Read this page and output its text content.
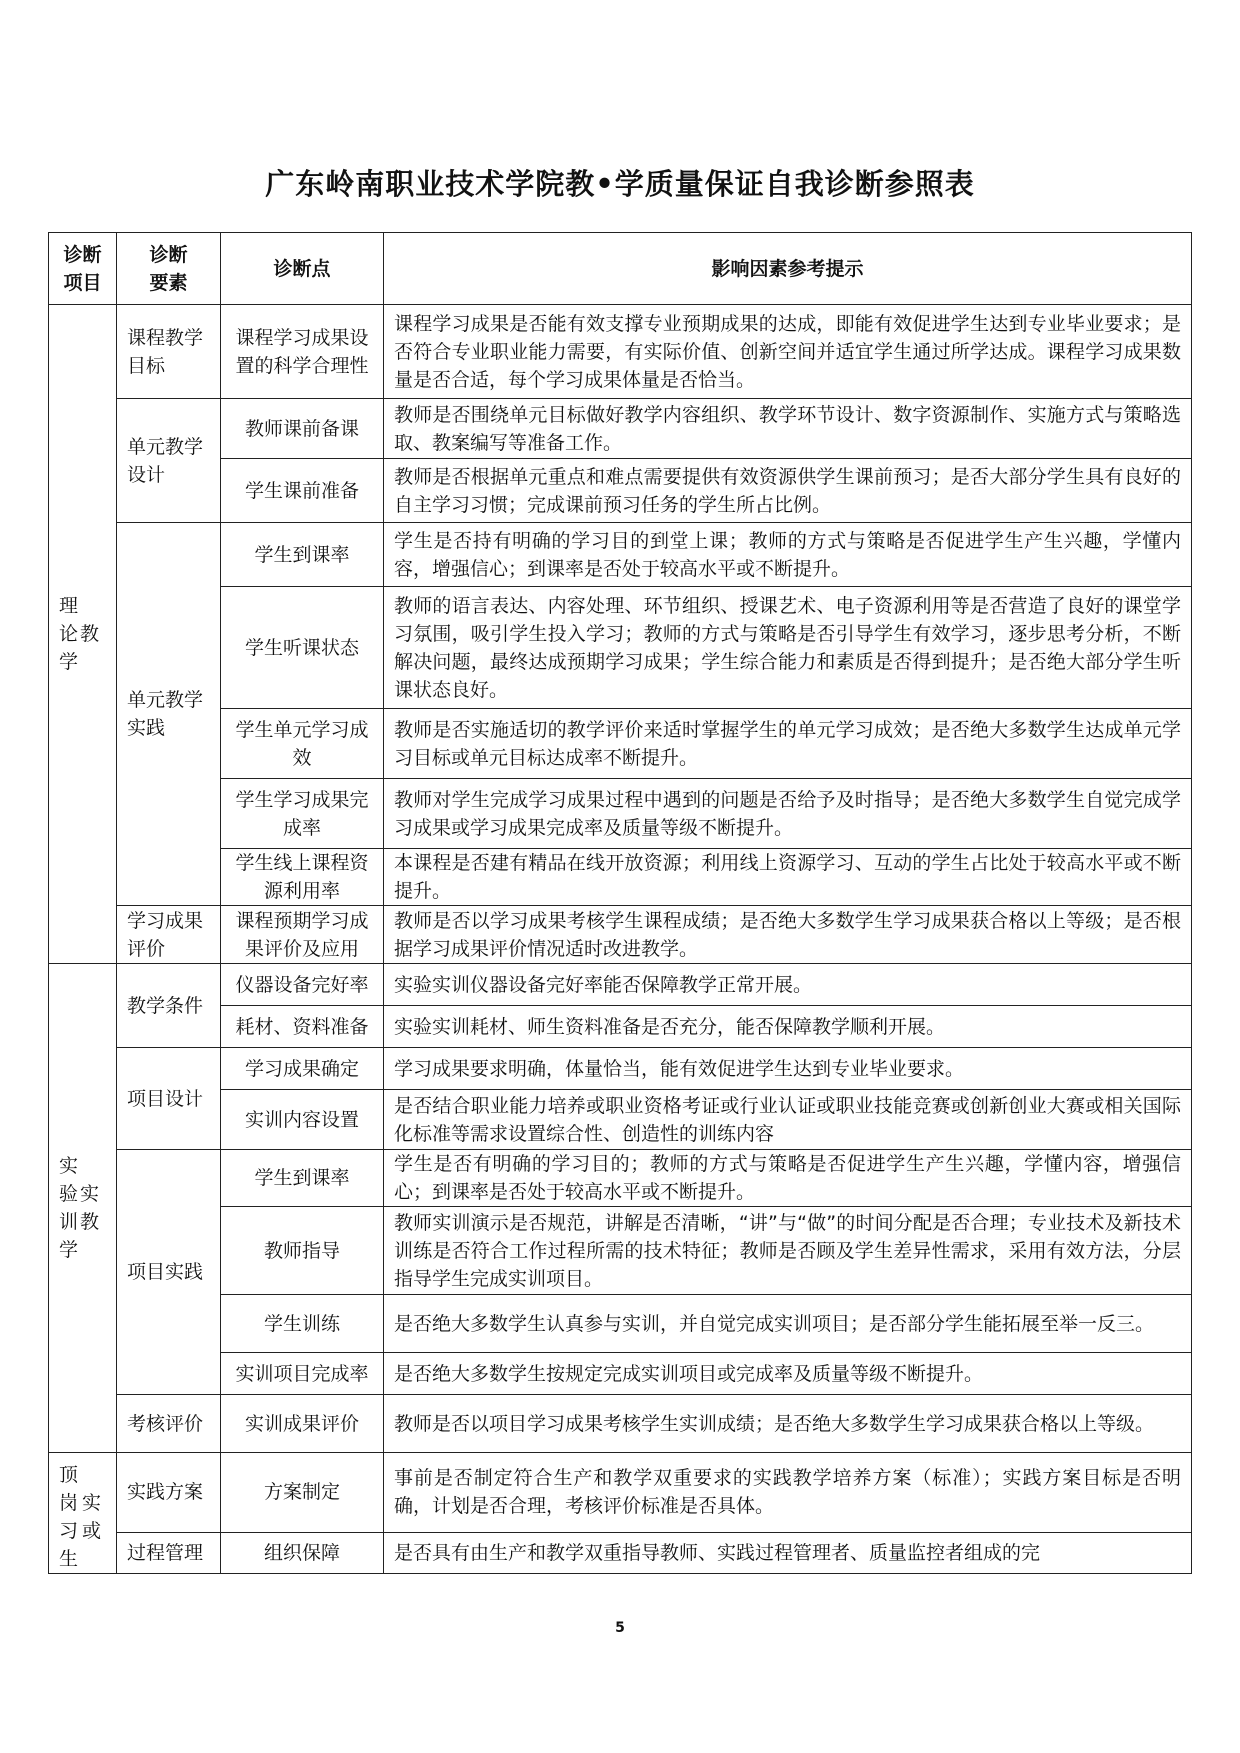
广东岭南职业技术学院教•学质量保证自我诊断参照表
诊断项目	诊断要素	诊断点	影响因素参考提示
理 论教学	课程教学目标	课程学习成果设置的科学合理性	课程学习成果是否能有效支撑专业预期成果的达成，即能有效促进学生达到专业毕业要求；是否符合专业职业能力需要，有实际价值、创新空间并适宜学生通过所学达成。课程学习成果数量是否合适，每个学习成果体量是否恰当。
	单元教学设计	教师课前备课	教师是否围绕单元目标做好教学内容组织、教学环节设计、数字资源制作、实施方式与策略选取、教案编写等准备工作。
		学生课前准备	教师是否根据单元重点和难点需要提供有效资源供学生课前预习；是否大部分学生具有良好的自主学习习惯；完成课前预习任务的学生所占比例。
	单元教学实践	学生到课率	学生是否持有明确的学习目的到堂上课；教师的方式与策略是否促进学生产生兴趣，学懂内容，增强信心；到课率是否处于较高水平或不断提升。
		学生听课状态	教师的语言表达、内容处理、环节组织、授课艺术、电子资源利用等是否营造了良好的课堂学习氛围，吸引学生投入学习；教师的方式与策略是否引导学生有效学习，逐步思考分析，不断解决问题，最终达成预期学习成果；学生综合能力和素质是否得到提升；是否绝大部分学生听课状态良好。
		学生单元学习成效	教师是否实施适切的教学评价来适时掌握学生的单元学习成效；是否绝大多数学生达成单元学习目标或单元目标达成率不断提升。
		学生学习成果完成率	教师对学生完成学习成果过程中遇到的问题是否给予及时指导；是否绝大多数学生自觉完成学习成果或学习成果完成率及质量等级不断提升。
		学生线上课程资源利用率	本课程是否建有精品在线开放资源；利用线上资源学习、互动的学生占比处于较高水平或不断提升。
	学习成果评价	课程预期学习成果评价及应用	教师是否以学习成果考核学生课程成绩；是否绝大多数学生学习成果获合格以上等级；是否根据学习成果评价情况适时改进教学。
实 验实 训教学	教学条件	仪器设备完好率	实验实训仪器设备完好率能否保障教学正常开展。
		耗材、资料准备	实验实训耗材、师生资料准备是否充分，能否保障教学顺利开展。
	项目设计	学习成果确定	学习成果要求明确，体量恰当，能有效促进学生达到专业毕业要求。
		实训内容设置	是否结合职业能力培养或职业资格考证或行业认证或职业技能竞赛或创新创业大赛或相关国际化标准等需求设置综合性、创造性的训练内容
	项目实践	学生到课率	学生是否有明确的学习目的；教师的方式与策略是否促进学生产生兴趣，学懂内容，增强信心；到课率是否处于较高水平或不断提升。
		教师指导	教师实训演示是否规范，讲解是否清晰，“讲”与“做”的时间分配是否合理；专业技术及新技术训练是否符合工作过程所需的技术特征；教师是否顾及学生差异性需求，采用有效方法，分层指导学生完成实训项目。
		学生训练	是否绝大多数学生认真参与实训，并自觉完成实训项目；是否部分学生能拓展至举一反三。
		实训项目完成率	是否绝大多数学生按规定完成实训项目或完成率及质量等级不断提升。
	考核评价	实训成果评价	教师是否以项目学习成果考核学生实训成绩；是否绝大多数学生学习成果获合格以上等级。
顶 岗实 习或 生	实践方案	方案制定	事前是否制定符合生产和教学双重要求的实践教学培养方案（标准）；实践方案目标是否明确，计划是否合理，考核评价标准是否具体。
	过程管理	组织保障	是否具有由生产和教学双重指导教师、实践过程管理者、质量监控者组成的完
5
